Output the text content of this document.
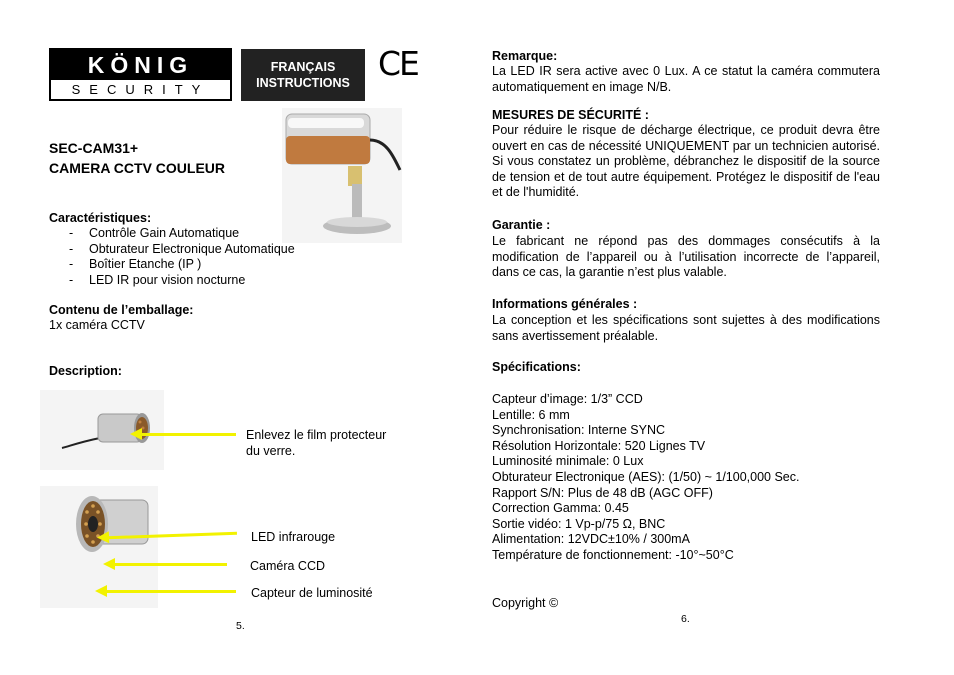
KÖNIG
SECURITY
FRANÇAIS
INSTRUCTIONS CE
SEC-CAM31+
CAMERA CCTV COULEUR
Caractéristiques:
- Contrôle Gain Automatique
- Obturateur Electronique Automatique
- Boîtier Etanche (IP )
- LED IR pour vision nocturne
Contenu de l’emballage:
1x caméra CCTV
Description:
Enlevez le film protecteur
du verre.
LED infrarouge
Caméra CCD
Capteur de luminosité
5.
Remarque:
La LED IR sera active avec 0 Lux. A ce statut la caméra commutera automatiquement en image N/B.
MESURES DE SÉCURITÉ :
Pour réduire le risque de décharge électrique, ce produit devra être ouvert en cas de nécessité UNIQUEMENT par un technicien autorisé. Si vous constatez un problème, débranchez le dispositif de la source de tension et de tout autre équipement. Protégez le dispositif de l'eau et de l'humidité.
Garantie :
Le fabricant ne répond pas des dommages consécutifs à la modification de l’appareil ou à l’utilisation incorrecte de l’appareil, dans ce cas, la garantie n’est plus valable.
Informations générales :
La conception et les spécifications sont sujettes à des modifications sans avertissement préalable.
Spécifications:
Capteur d’image: 1/3” CCD
Lentille: 6 mm
Synchronisation: Interne SYNC
Résolution Horizontale: 520 Lignes TV
Luminosité minimale: 0 Lux
Obturateur Electronique (AES): (1/50) ~ 1/100,000 Sec.
Rapport S/N: Plus de 48 dB (AGC OFF)
Correction Gamma: 0.45
Sortie vidéo: 1 Vp-p/75 Ω, BNC
Alimentation: 12VDC±10% / 300mA
Température de fonctionnement: -10°~50°C
Copyright ©
6.
